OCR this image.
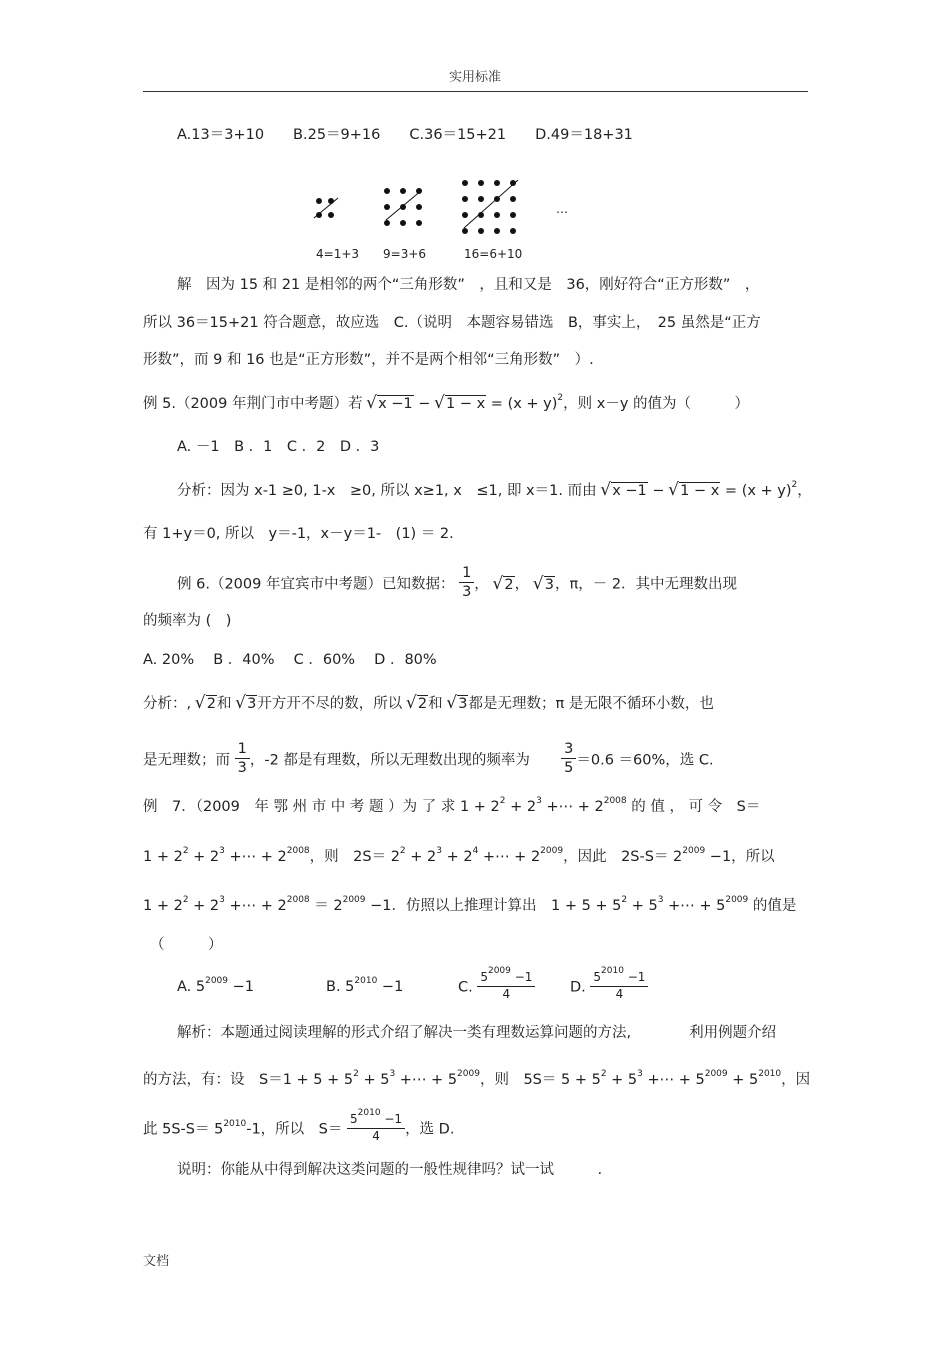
实用标准
A.13＝3+10　　B.25＝9+16　　C.36＝15+21　　D.49＝18+31
…
4=1+3 9=3+6	16=6+10
解　因为 15 和 21 是相邻的两个“三角形数”　，且和又是　36，刚好符合“正方形数”　，
所以 36＝15+21 符合题意，故应选　C.（说明　本题容易错选　B，事实上，　25 虽然是“正方
形数”，而 9 和 16 也是“正方形数”，并不是两个相邻“三角形数”　）.
例 5.（2009 年荆门市中考题）若 √ x −1 − √ $1 - x = (x + y)^2$，则 x－y 的值为（　　　）
A. －1　B ．1　C ．2　D ．3
分析：因为 x-1 ≥0, 1-x　≥0, 所以 x≥1, x　≤1, 即 x＝1. 而由 √ x −1 − √ $1 - x = (x + y)^2$，
有 1+y＝0, 所以　y＝-1，x－y＝1-　(1) ＝ 2.
例 6.（2009 年宜宾市中考题）已知数据： $\frac{1}{3}$ ， √ 2， √ 3，π，－ 2．其中无理数出现
的频率为 (　)
A. 20%　 B ．40%　 C ．60%　 D ．80%
分析：, √ 2和 √ 3开方开不尽的数，所以 √ 2和 √ 3都是无理数；π 是无限不循环小数，也
是无理数；而 $\frac{1}{3}$ ，-2 都是有理数，所以无理数出现的频率为 $\frac{3}{5} =0.6 =60\%$，选 C.
例　7．（2009　年 鄂 州 市 中 考 题 ）为 了 求 $1 + 2^2 + 2^3$ +⋯ + $2^{2008}$ 的 值 ， 可 令　S＝
$1 + 2^2 + 2^3$ +⋯ + $2^{2008}$，则　$2S= 2^2 + 2^3 + 2^4$ +⋯ + $2^{2009}$，因此　$2S-S= 2^{2009} -1$，所以
$1 + 2^2 + 2^3$ +⋯ + $2^{2008} = 2^{2009} -1$．仿照以上推理计算出　$1 + 5 + 5^2 + 5^3$ +⋯ + $5^{2009}$ 的值是
（　　　）
A. $5^{2009} -1$	B. $5^{2010} -1$	C. $\frac{5^{2009} -1}{4} D$. $\frac{5^{2010} -1}{4}$
解析：本题通过阅读理解的形式介绍了解决一类有理数运算问题的方法,　　　　利用例题介绍
的方法，有：设　$S=1 + 5 + 5^2 + 5^3$ +⋯ + $5^{2009}$，则　$5S= 5 + 5^2 + 5^3$ +⋯ + $5^{2009} + 5^{2010}$，因
此 $5S-S= 5^{2010}-1$，所以　$S= \frac{5^{2010} -1}{4}$ ，选 D.
说明：你能从中得到解决这类问题的一般性规律吗？试一试　　　.
文档
